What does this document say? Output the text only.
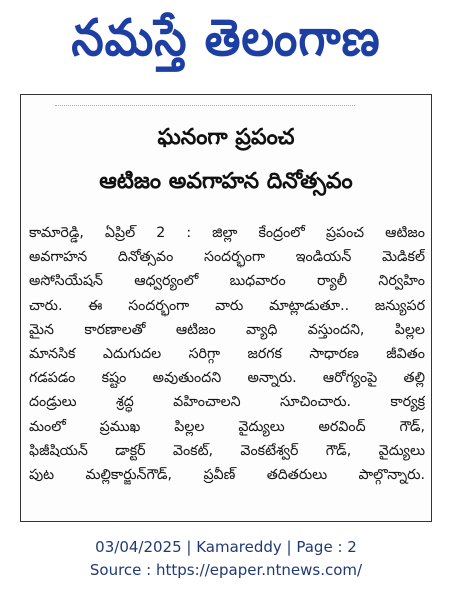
నమస్తే తెలంగాణ
ఘనంగా ప్రపంచ
ఆటిజం అవగాహన దినోత్సవం
కామారెడ్డి, ఏప్రిల్ 2 : జిల్లా కేంద్రంలో ప్రపంచ ఆటిజం
అవగాహన దినోత్సవం సందర్భంగా ఇండియన్ మెడికల్
అసోసియేషన్ ఆధ్వర్యంలో బుధవారం ర్యాలీ నిర్వహిం
చారు. ఈ సందర్భంగా వారు మాట్లాడుతూ.. జన్యుపర
మైన కారణాలతో ఆటిజం వ్యాధి వస్తుందని, పిల్లల
మానసిక ఎదుగుదల సరిగ్గా జరగక సాధారణ జీవితం
గడపడం కష్టం అవుతుందని అన్నారు. ఆరోగ్యంపై తల్లి
దండ్రులు శ్రద్ధ వహించాలని సూచించారు. కార్యక్ర
మంలో ప్రముఖ పిల్లల వైద్యులు అరవింద్ గౌడ్,
ఫిజీషియన్ డాక్టర్ వెంకట్, వెంకటేశ్వర్ గౌడ్, వైద్యులు
పుట మల్లికార్జున్‌గౌడ్, ప్రవీణ్ తదితరులు పాల్గొన్నారు.
03/04/2025 | Kamareddy | Page : 2
Source : https://epaper.ntnews.com/
